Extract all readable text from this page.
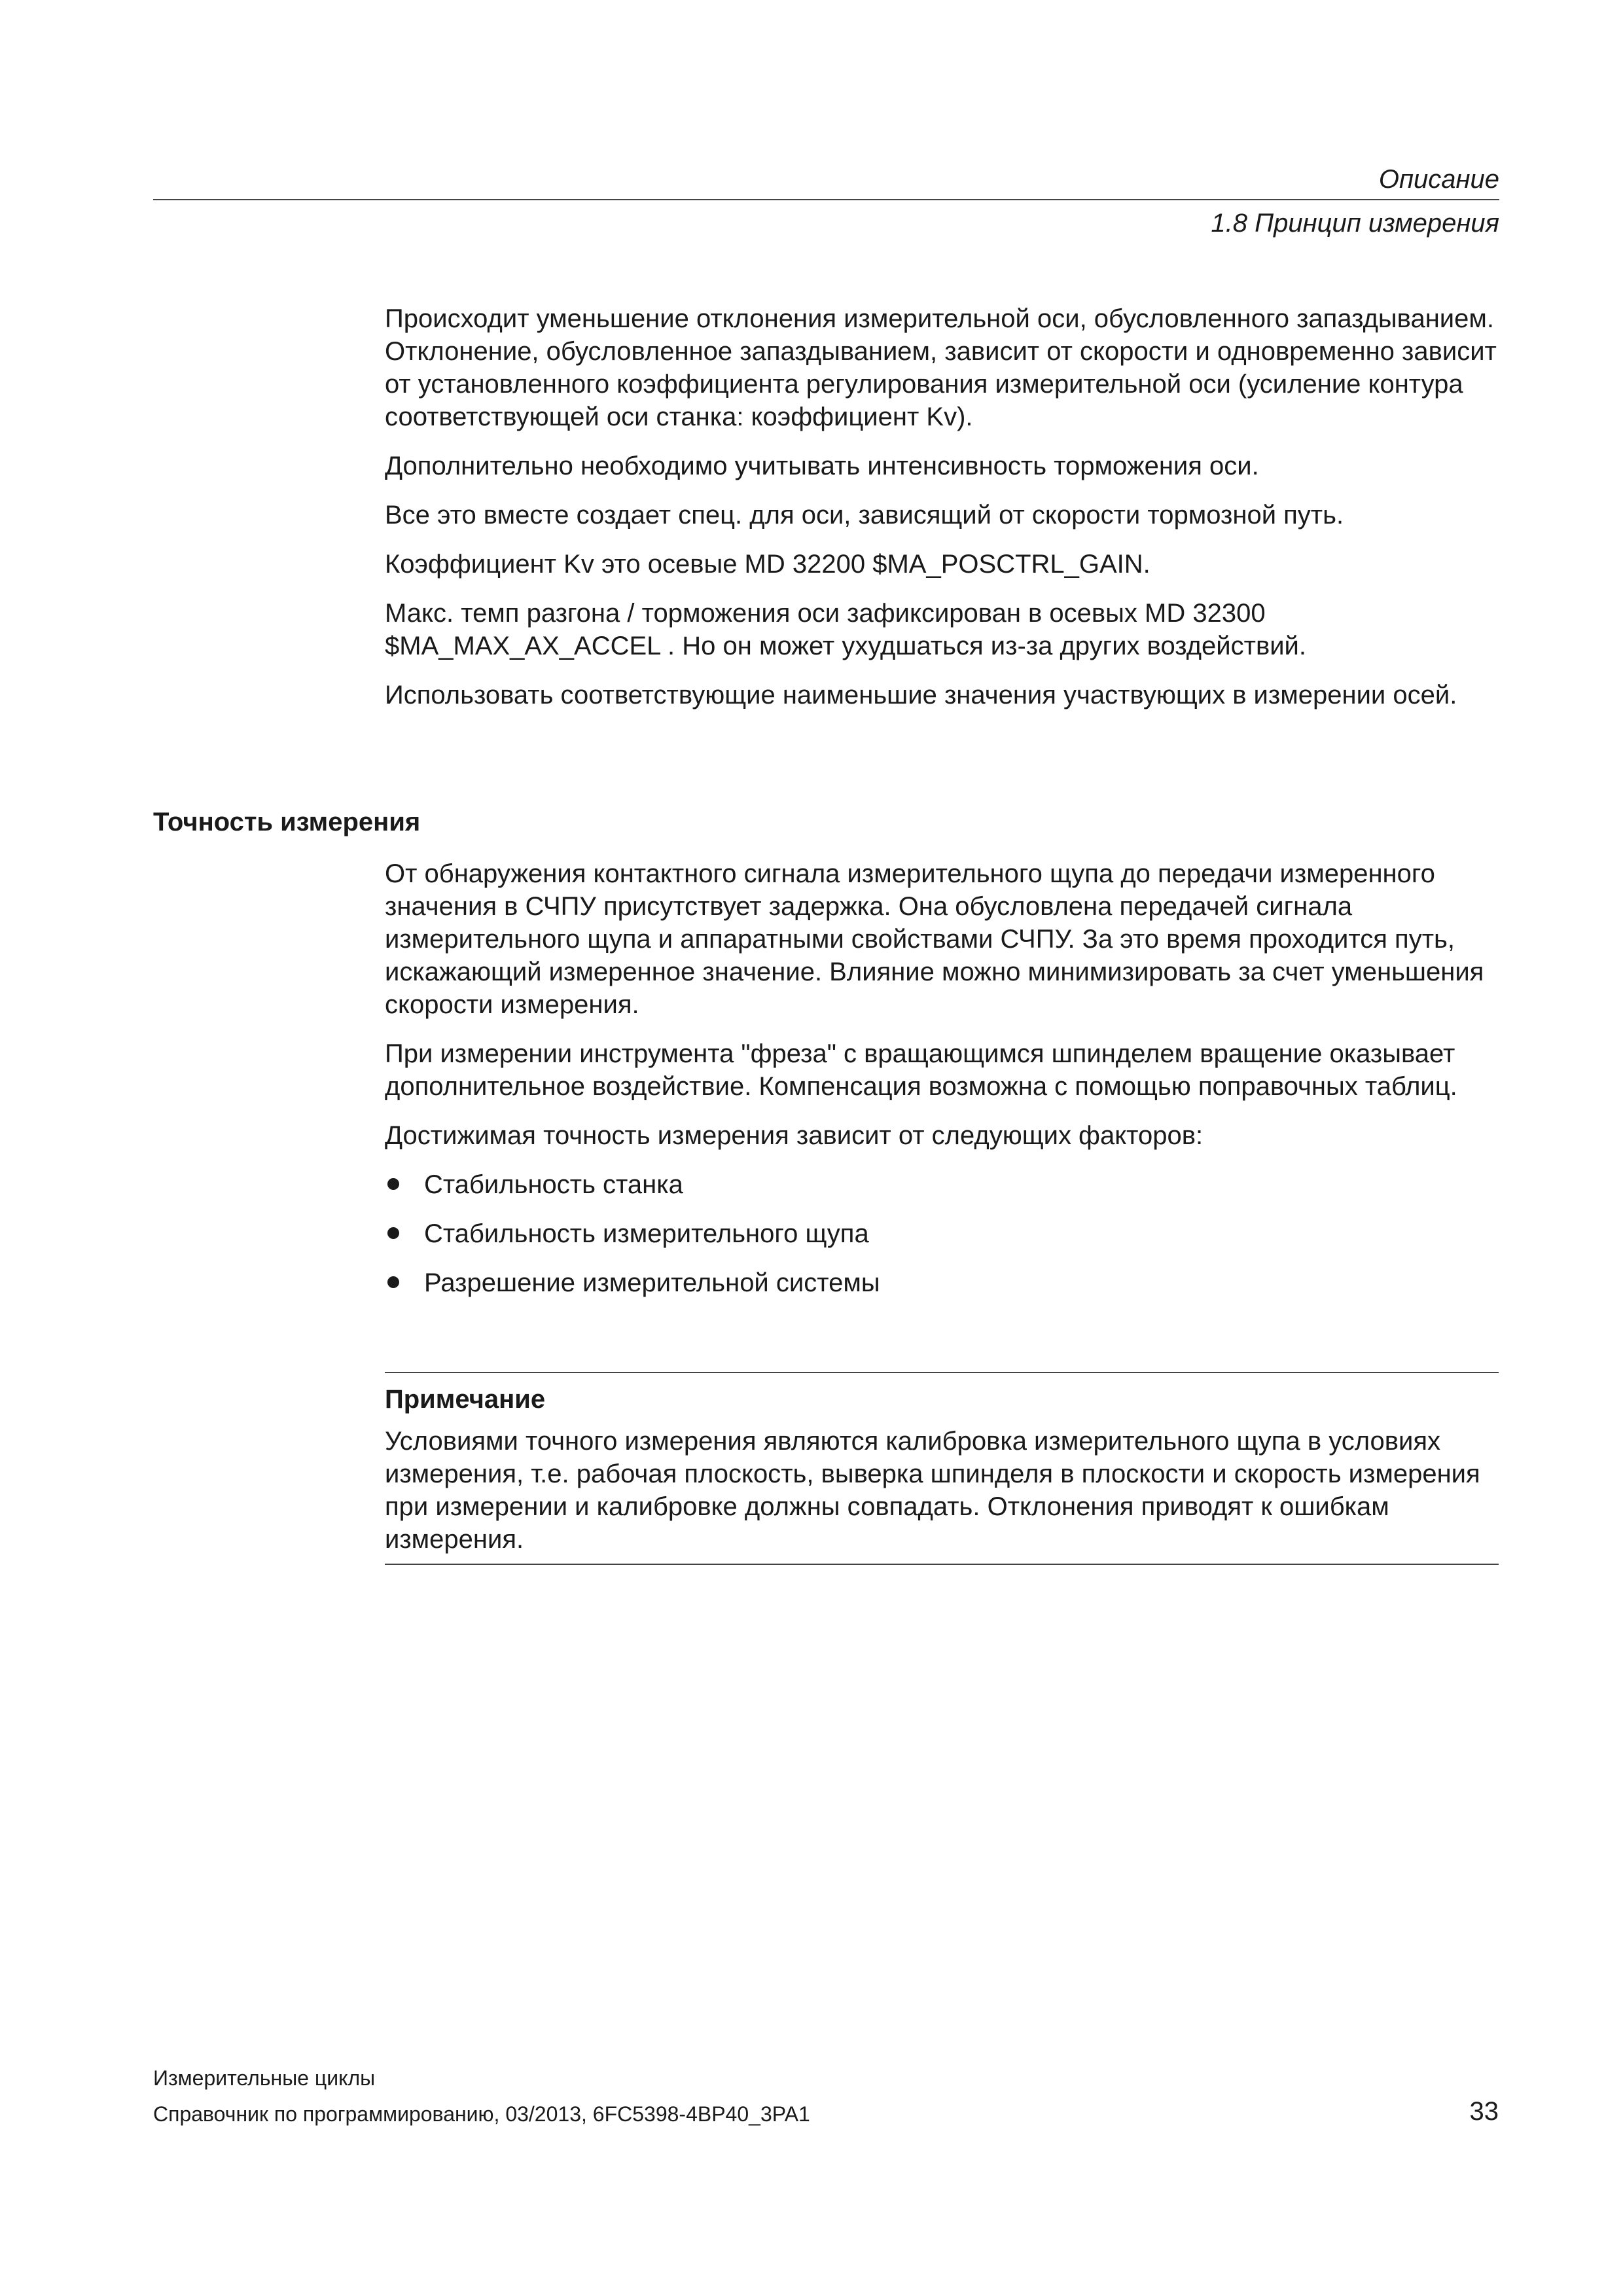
Описание
1.8 Принцип измерения

Происходит уменьшение отклонения измерительной оси, обусловленного запаздыванием. Отклонение, обусловленное запаздыванием, зависит от скорости и одновременно зависит от установленного коэффициента регулирования измерительной оси (усиление контура соответствующей оси станка: коэффициент Kv).

Дополнительно необходимо учитывать интенсивность торможения оси.

Все это вместе создает спец. для оси, зависящий от скорости тормозной путь.

Коэффициент Kv это осевые MD 32200 $MA_POSCTRL_GAIN.

Макс. темп разгона / торможения оси зафиксирован в осевых MD 32300 $MA_MAX_AX_ACCEL . Но он может ухудшаться из-за других воздействий.

Использовать соответствующие наименьшие значения участвующих в измерении осей.

Точность измерения

От обнаружения контактного сигнала измерительного щупа до передачи измеренного значения в СЧПУ присутствует задержка. Она обусловлена передачей сигнала измерительного щупа и аппаратными свойствами СЧПУ. За это время проходится путь, искажающий измеренное значение. Влияние можно минимизировать за счет уменьшения скорости измерения.

При измерении инструмента "фреза" с вращающимся шпинделем вращение оказывает дополнительное воздействие. Компенсация возможна с помощью поправочных таблиц.

Достижимая точность измерения зависит от следующих факторов:

Стабильность станка
Стабильность измерительного щупа
Разрешение измерительной системы
Примечание

Условиями точного измерения являются калибровка измерительного щупа в условиях измерения, т.е. рабочая плоскость, выверка шпинделя в плоскости и скорость измерения при измерении и калибровке должны совпадать. Отклонения приводят к ошибкам измерения.

Измерительные циклы
Справочник по программированию, 03/2013, 6FC5398-4BP40_3PA1	33
